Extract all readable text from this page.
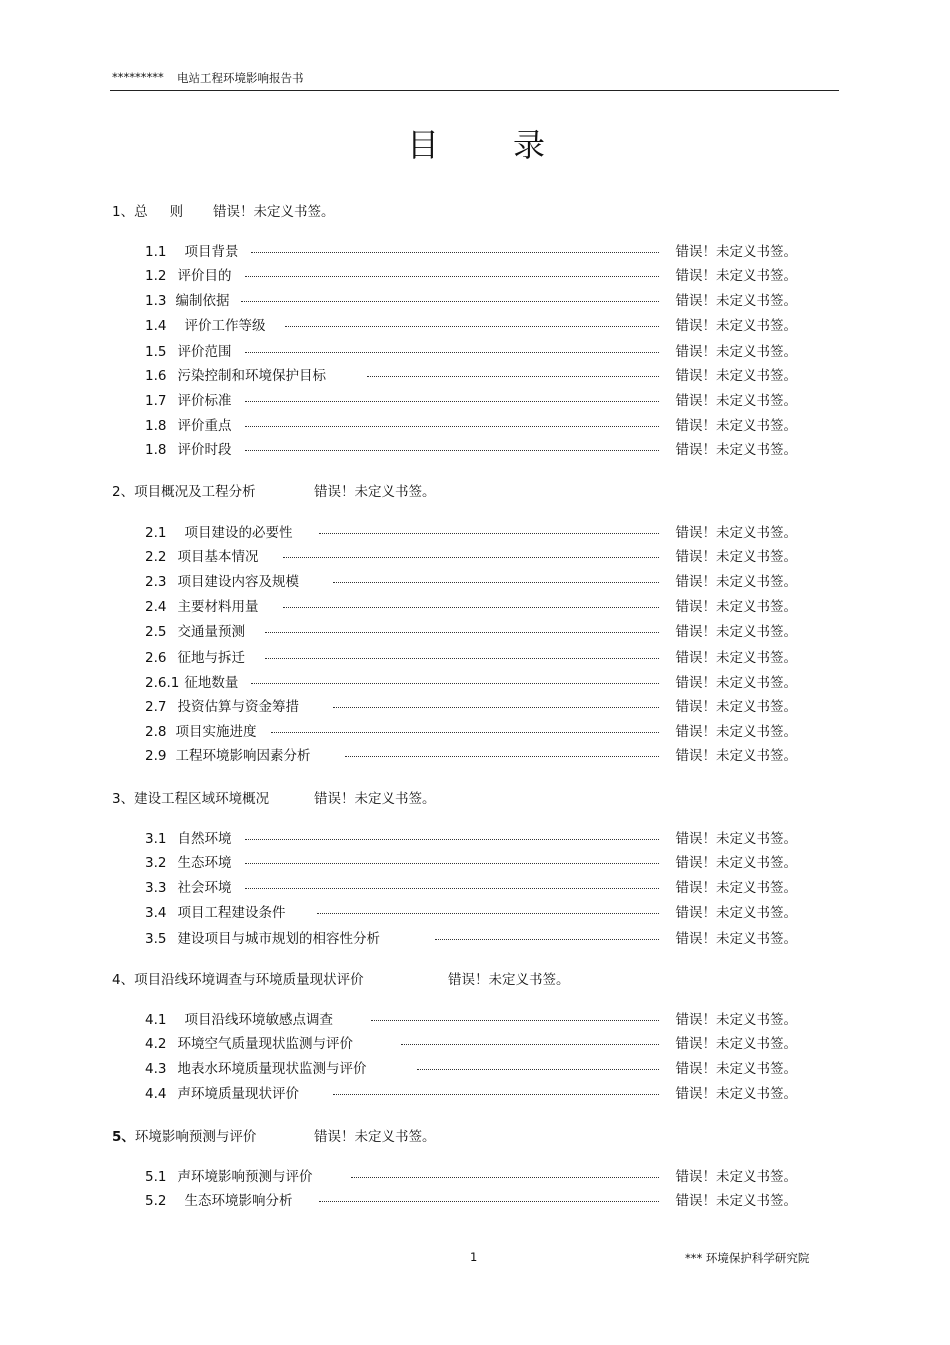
********* 电站工程环境影响报告书
目 录
1、总 则 错误！未定义书签。
1.1 项目背景	错误！未定义书签。
1.2 评价目的	错误！未定义书签。
1.3 编制依据	错误！未定义书签。
1.4 评价工作等级	错误！未定义书签。
1.5 评价范围	错误！未定义书签。
1.6 污染控制和环境保护目标	错误！未定义书签。
1.7 评价标准	错误！未定义书签。
1.8 评价重点	错误！未定义书签。
1.8 评价时段	错误！未定义书签。
2、项目概况及工程分析	错误！未定义书签。
2.1 项目建设的必要性	错误！未定义书签。
2.2 项目基本情况	错误！未定义书签。
2.3 项目建设内容及规模	错误！未定义书签。
2.4 主要材料用量	错误！未定义书签。
2.5 交通量预测	错误！未定义书签。
2.6 征地与拆迁	错误！未定义书签。
2.6.1 征地数量	错误！未定义书签。
2.7 投资估算与资金筹措	错误！未定义书签。
2.8 项目实施进度	错误！未定义书签。
2.9 工程环境影响因素分析	错误！未定义书签。
3、建设工程区域环境概况	错误！未定义书签。
3.1 自然环境	错误！未定义书签。
3.2 生态环境	错误！未定义书签。
3.3 社会环境	错误！未定义书签。
3.4 项目工程建设条件	错误！未定义书签。
3.5 建设项目与城市规划的相容性分析	错误！未定义书签。
4、项目沿线环境调查与环境质量现状评价	错误！未定义书签。
4.1 项目沿线环境敏感点调查	错误！未定义书签。
4.2 环境空气质量现状监测与评价	错误！未定义书签。
4.3 地表水环境质量现状监测与评价	错误！未定义书签。
4.4 声环境质量现状评价	错误！未定义书签。
5、环境影响预测与评价	错误！未定义书签。
5.1 声环境影响预测与评价	错误！未定义书签。
5.2 生态环境影响分析	错误！未定义书签。
1	*** 环境保护科学研究院
